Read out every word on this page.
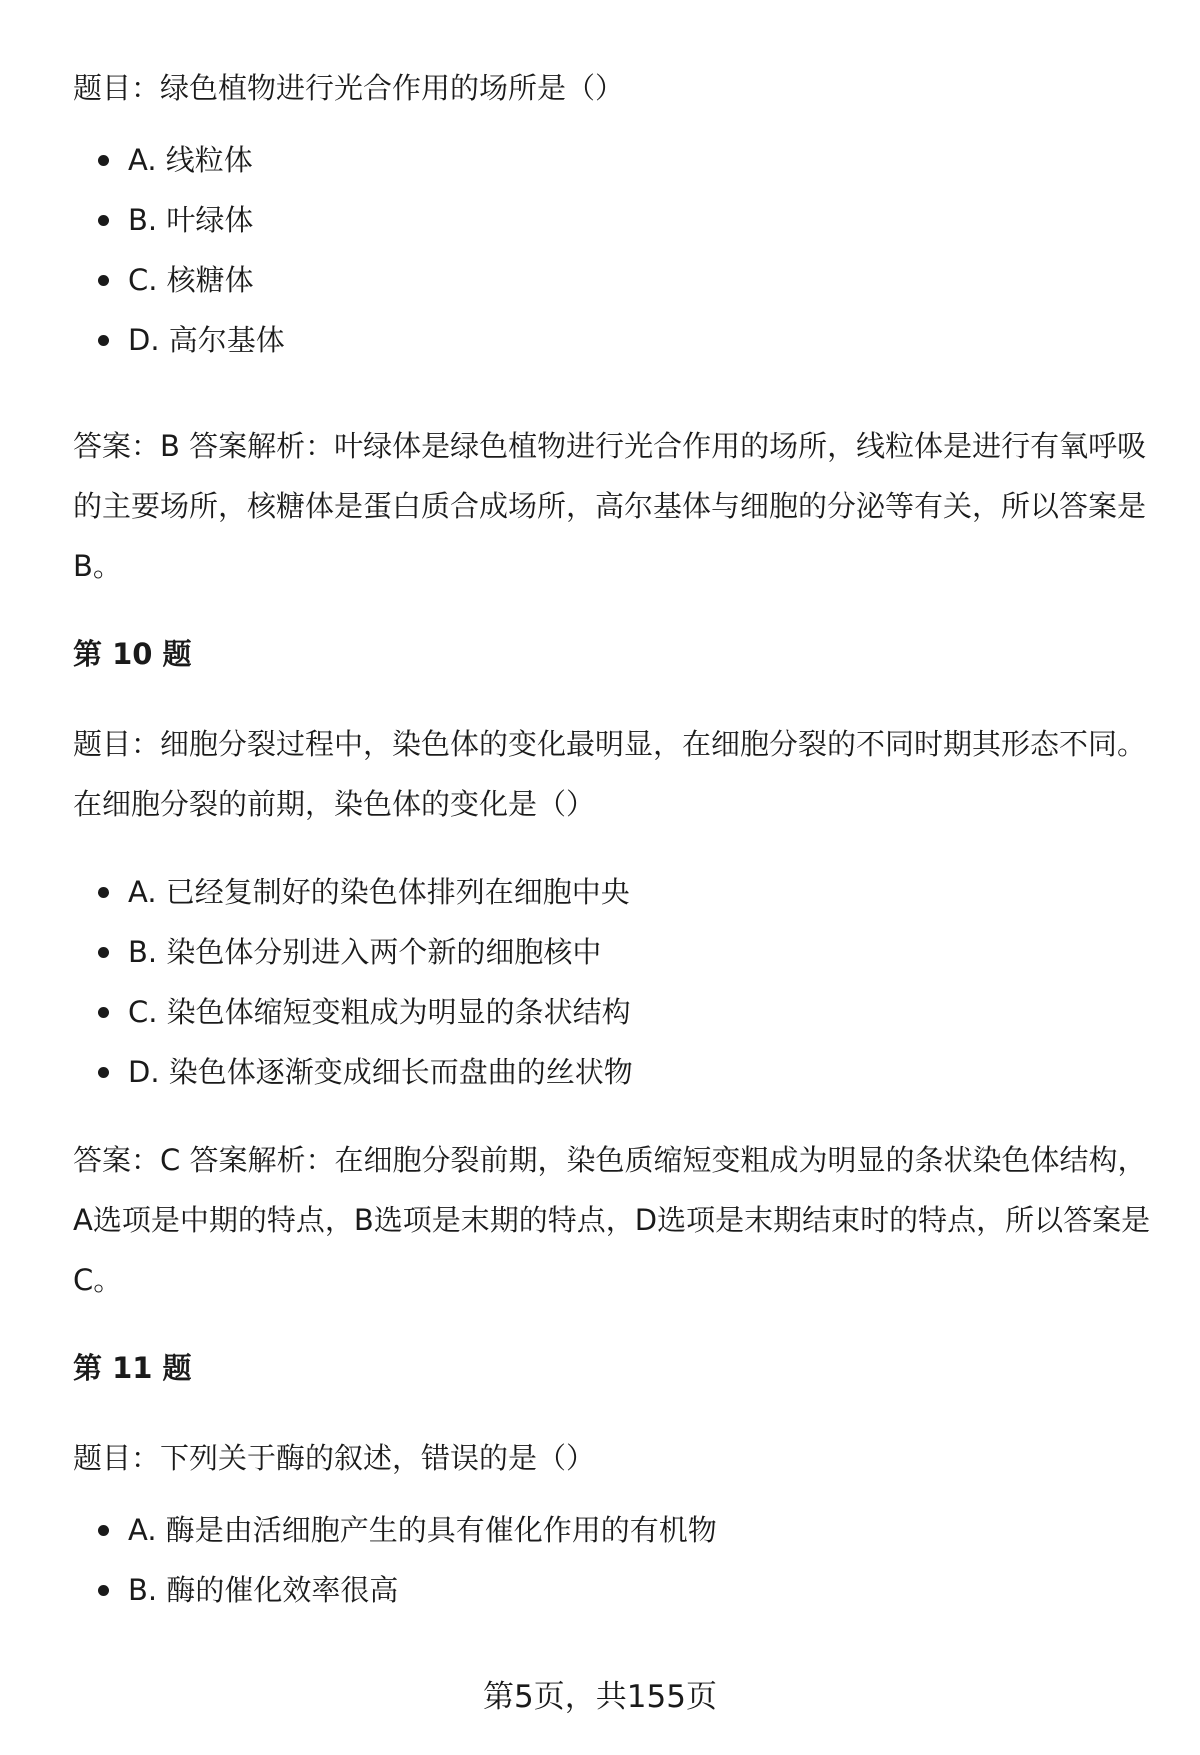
题目：绿色植物进行光合作用的场所是（）

A. 线粒体
B. 叶绿体
C. 核糖体
D. 高尔基体

答案：B 答案解析：叶绿体是绿色植物进行光合作用的场所，线粒体是进行有氧呼吸的主要场所，核糖体是蛋白质合成场所，高尔基体与细胞的分泌等有关，所以答案是B。

第 10 题

题目：细胞分裂过程中，染色体的变化最明显，在细胞分裂的不同时期其形态不同。在细胞分裂的前期，染色体的变化是（）

A. 已经复制好的染色体排列在细胞中央
B. 染色体分别进入两个新的细胞核中
C. 染色体缩短变粗成为明显的条状结构
D. 染色体逐渐变成细长而盘曲的丝状物

答案：C 答案解析：在细胞分裂前期，染色质缩短变粗成为明显的条状染色体结构，A选项是中期的特点，B选项是末期的特点，D选项是末期结束时的特点，所以答案是C。

第 11 题

题目：下列关于酶的叙述，错误的是（）

A. 酶是由活细胞产生的具有催化作用的有机物
B. 酶的催化效率很高
第5页，共155页
